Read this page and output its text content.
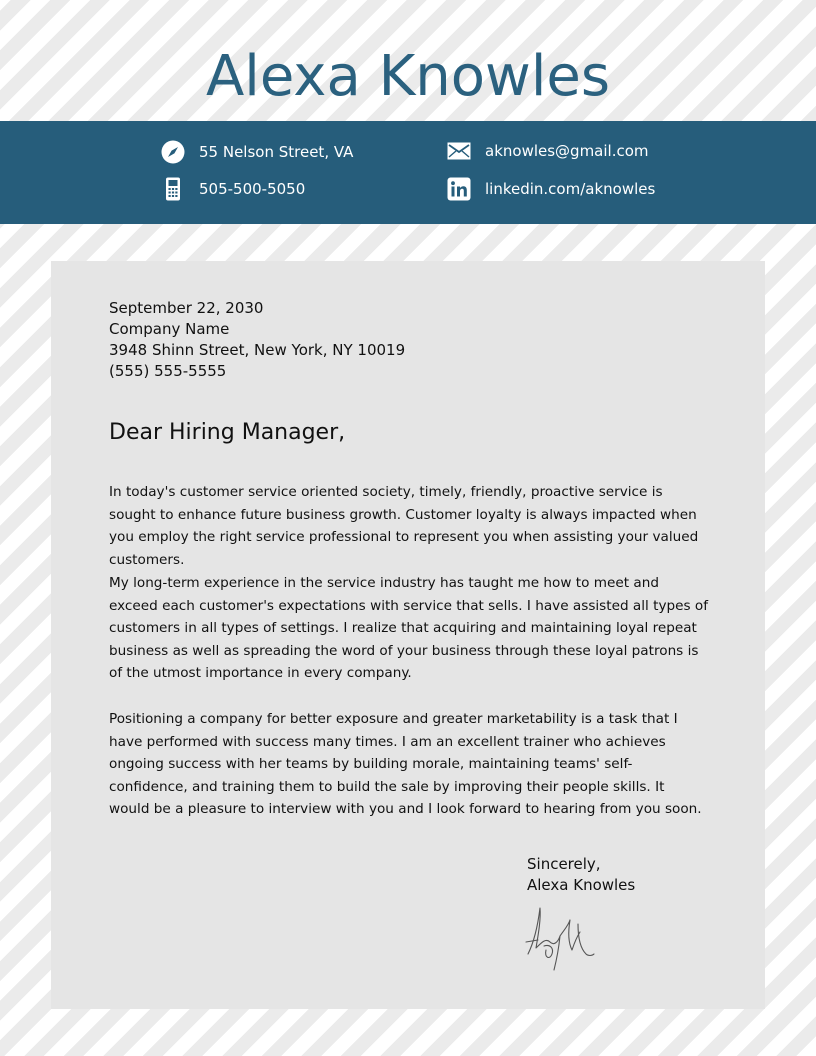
Alexa Knowles
55 Nelson Street, VA	aknowles@gmail.com
505-500-5050	linkedin.com/aknowles
September 22, 2030
Company Name
3948 Shinn Street, New York, NY 10019
(555) 555-5555
Dear Hiring Manager,

In today's customer service oriented society, timely, friendly, proactive service is sought to enhance future business growth. Customer loyalty is always impacted when you employ the right service professional to represent you when assisting your valued customers.

My long-term experience in the service industry has taught me how to meet and exceed each customer's expectations with service that sells. I have assisted all types of customers in all types of settings. I realize that acquiring and maintaining loyal repeat business as well as spreading the word of your business through these loyal patrons is of the utmost importance in every company.

Positioning a company for better exposure and greater marketability is a task that I have performed with success many times. I am an excellent trainer who achieves ongoing success with her teams by building morale, maintaining teams' self-confidence, and training them to build the sale by improving their people skills. It would be a pleasure to interview with you and I look forward to hearing from you soon.

Sincerely,
Alexa Knowles
